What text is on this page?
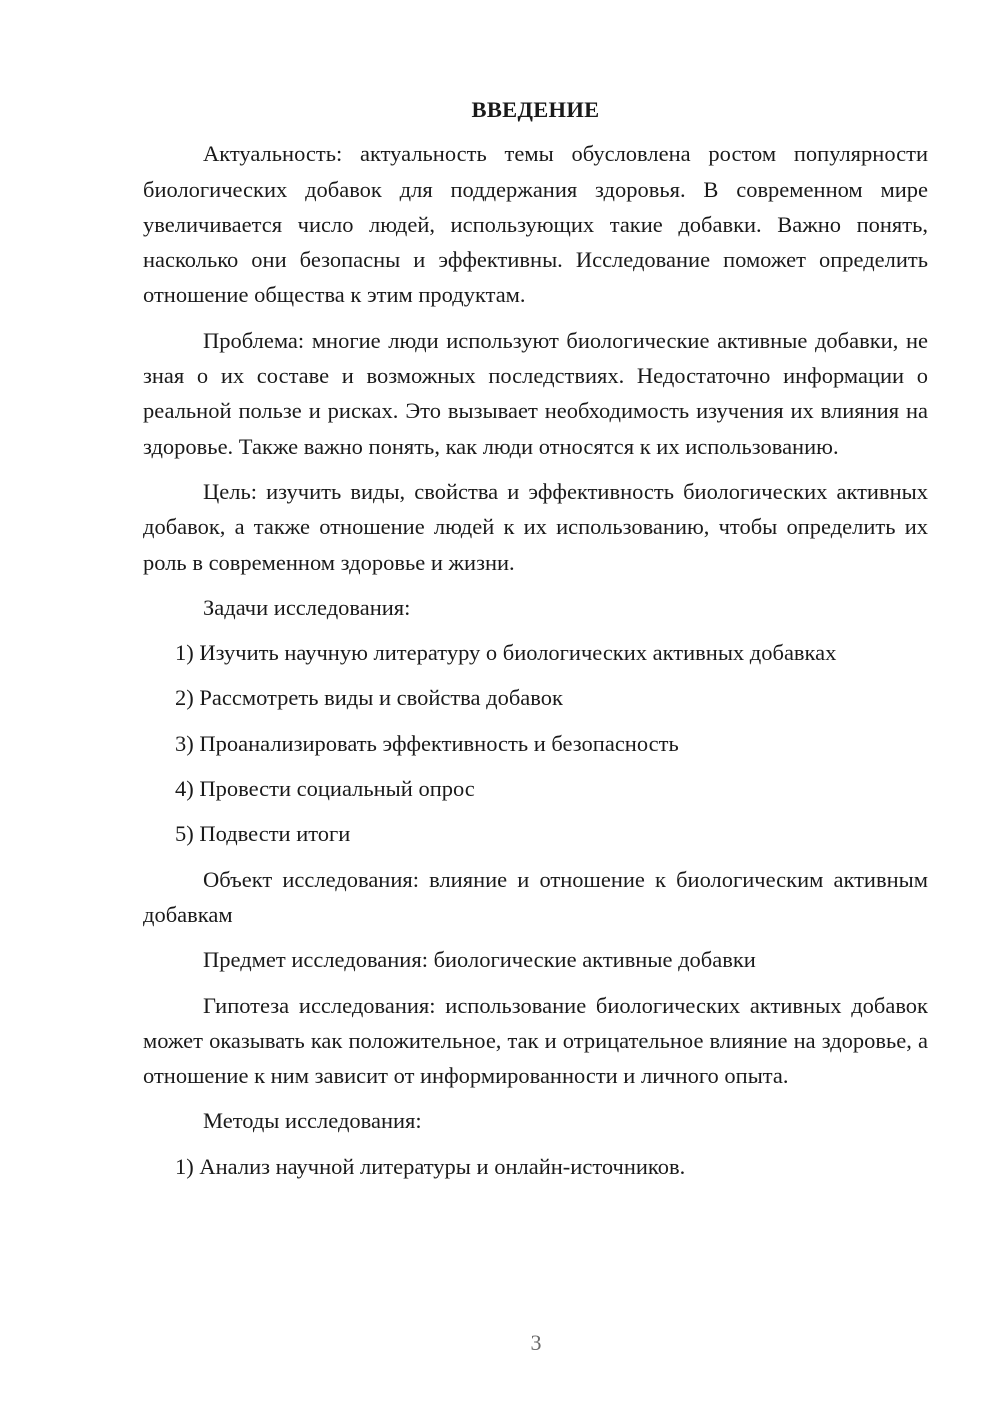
ВВЕДЕНИЕ

Актуальность: актуальность темы обусловлена ростом популярности биологических добавок для поддержания здоровья. В современном мире увеличивается число людей, использующих такие добавки. Важно понять, насколько они безопасны и эффективны. Исследование поможет определить отношение общества к этим продуктам.

Проблема: многие люди используют биологические активные добавки, не зная о их составе и возможных последствиях. Недостаточно информации о реальной пользе и рисках. Это вызывает необходимость изучения их влияния на здоровье. Также важно понять, как люди относятся к их использованию.

Цель: изучить виды, свойства и эффективность биологических активных добавок, а также отношение людей к их использованию, чтобы определить их роль в современном здоровье и жизни.

Задачи исследования:

1) Изучить научную литературу о биологических активных добавках
2) Рассмотреть виды и свойства добавок
3) Проанализировать эффективность и безопасность
4) Провести социальный опрос
5) Подвести итоги

Объект исследования: влияние и отношение к биологическим активным добавкам

Предмет исследования: биологические активные добавки

Гипотеза исследования: использование биологических активных добавок может оказывать как положительное, так и отрицательное влияние на здоровье, а отношение к ним зависит от информированности и личного опыта.

Методы исследования:

1) Анализ научной литературы и онлайн-источников.
3
